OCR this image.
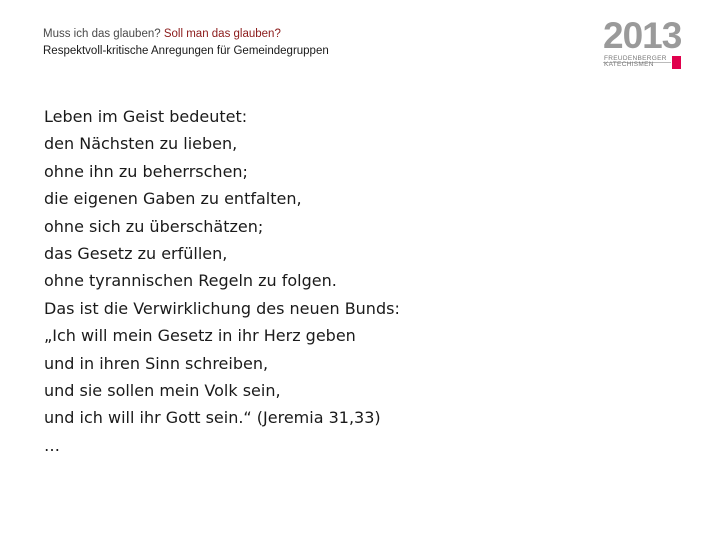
Muss ich das glauben? Soll man das glauben?
Respektvoll-kritische Anregungen für Gemeindegruppen	2013
FREUDENBERGER
KATECHISMEN
Leben im Geist bedeutet:
den Nächsten zu lieben,
ohne ihn zu beherrschen;
die eigenen Gaben zu entfalten,
ohne sich zu überschätzen;
das Gesetz zu erfüllen,
ohne tyrannischen Regeln zu folgen.
Das ist die Verwirklichung des neuen Bunds:
„Ich will mein Gesetz in ihr Herz geben
und in ihren Sinn schreiben,
und sie sollen mein Volk sein,
und ich will ihr Gott sein.“ (Jeremia 31,33)
…
